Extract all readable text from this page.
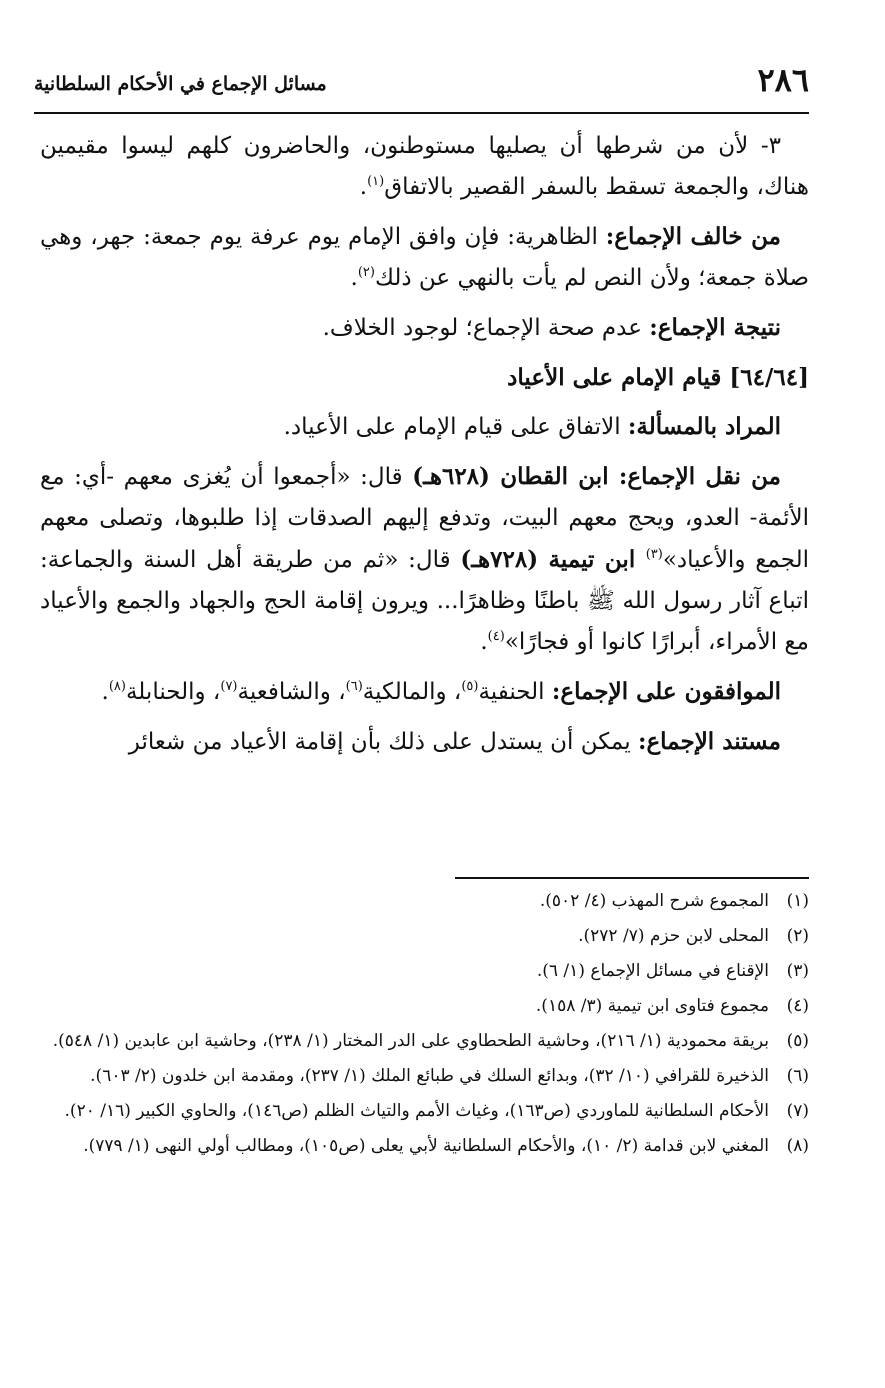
٢٨٦
مسائل الإجماع في الأحكام السلطانية

٣- لأن من شرطها أن يصليها مستوطنون، والحاضرون كلهم ليسوا مقيمين هناك، والجمعة تسقط بالسفر القصير بالاتفاق$^{(١)}$.

من خالف الإجماع: الظاهرية: فإن وافق الإمام يوم عرفة يوم جمعة: جهر، وهي صلاة جمعة؛ ولأن النص لم يأت بالنهي عن ذلك$^{(٢)}$.

نتيجة الإجماع: عدم صحة الإجماع؛ لوجود الخلاف.

[٦٤/٦٤] قيام الإمام على الأعياد

المراد بالمسألة: الاتفاق على قيام الإمام على الأعياد.

من نقل الإجماع: ابن القطان (٦٢٨هـ) قال: «أجمعوا أن يُغزى معهم -أي: مع الأئمة- العدو، ويحج معهم البيت، وتدفع إليهم الصدقات إذا طلبوها، وتصلى معهم الجمع والأعياد»$^{(٣)}$ ابن تيمية (٧٢٨هـ) قال: «ثم من طريقة أهل السنة والجماعة: اتباع آثار رسول الله ﷺ باطنًا وظاهرًا... ويرون إقامة الحج والجهاد والجمع والأعياد مع الأمراء، أبرارًا كانوا أو فجارًا»$^{(٤)}$.

الموافقون على الإجماع: الحنفية$^{(٥)}$، والمالكية$^{(٦)}$، والشافعية$^{(٧)}$، والحنابلة$^{(٨)}$.

مستند الإجماع: يمكن أن يستدل على ذلك بأن إقامة الأعياد من شعائر

(١)
المجموع شرح المهذب (٤/ ٥٠٢).

(٢)
المحلى لابن حزم (٧/ ٢٧٢).

(٣)
الإقناع في مسائل الإجماع (١/ ٦).

(٤)
مجموع فتاوى ابن تيمية (٣/ ١٥٨).

(٥)
بريقة محمودية (١/ ٢١٦)، وحاشية الطحطاوي على الدر المختار (١/ ٢٣٨)، وحاشية ابن عابدين (١/ ٥٤٨).

(٦)
الذخيرة للقرافي (١٠/ ٣٢)، وبدائع السلك في طبائع الملك (١/ ٢٣٧)، ومقدمة ابن خلدون (٢/ ٦٠٣).

(٧)
الأحكام السلطانية للماوردي (ص١٦٣)، وغياث الأمم والتياث الظلم (ص١٤٦)، والحاوي الكبير (١٦/ ٢٠).

(٨)
المغني لابن قدامة (٢/ ١٠)، والأحكام السلطانية لأبي يعلى (ص١٠٥)، ومطالب أولي النهى (١/ ٧٧٩).
